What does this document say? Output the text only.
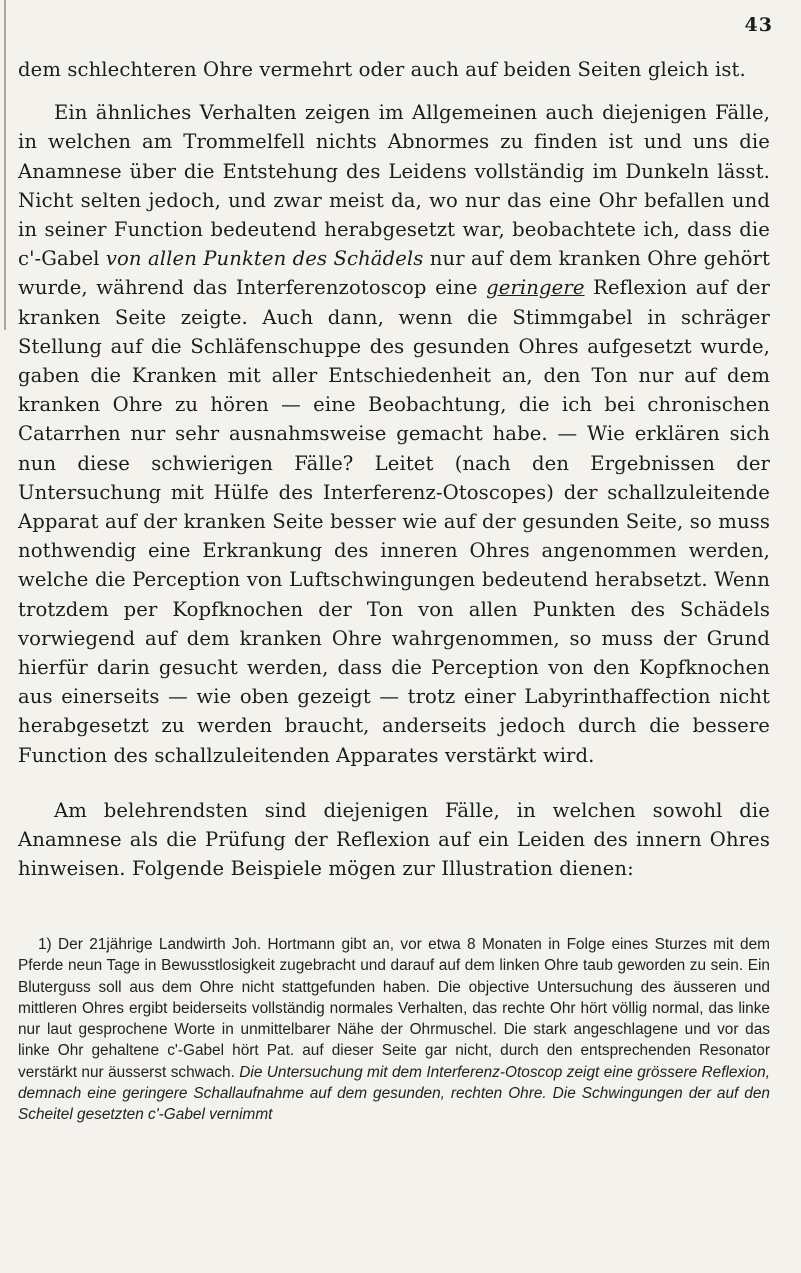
43

dem schlechteren Ohre vermehrt oder auch auf beiden Seiten gleich ist.

Ein ähnliches Verhalten zeigen im Allgemeinen auch diejenigen Fälle, in welchen am Trommelfell nichts Abnormes zu finden ist und uns die Anamnese über die Entstehung des Leidens vollständig im Dunkeln lässt. Nicht selten jedoch, und zwar meist da, wo nur das eine Ohr befallen und in seiner Function bedeutend herabgesetzt war, beobachtete ich, dass die c'-Gabel von allen Punkten des Schädels nur auf dem kranken Ohre gehört wurde, während das Interferenzotoscop eine geringere Reflexion auf der kranken Seite zeigte. Auch dann, wenn die Stimmgabel in schräger Stellung auf die Schläfenschuppe des gesunden Ohres aufgesetzt wurde, gaben die Kranken mit aller Entschiedenheit an, den Ton nur auf dem kranken Ohre zu hören — eine Beobachtung, die ich bei chronischen Catarrhen nur sehr ausnahmsweise gemacht habe. — Wie erklären sich nun diese schwierigen Fälle? Leitet (nach den Ergebnissen der Untersuchung mit Hülfe des Interferenz-Otoscopes) der schallzuleitende Apparat auf der kranken Seite besser wie auf der gesunden Seite, so muss nothwendig eine Erkrankung des inneren Ohres angenommen werden, welche die Perception von Luftschwingungen bedeutend herabsetzt. Wenn trotzdem per Kopfknochen der Ton von allen Punkten des Schädels vorwiegend auf dem kranken Ohre wahrgenommen, so muss der Grund hierfür darin gesucht werden, dass die Perception von den Kopfknochen aus einerseits — wie oben gezeigt — trotz einer Labyrinthaffection nicht herabgesetzt zu werden braucht, anderseits jedoch durch die bessere Function des schallzuleitenden Apparates verstärkt wird.

Am belehrendsten sind diejenigen Fälle, in welchen sowohl die Anamnese als die Prüfung der Reflexion auf ein Leiden des innern Ohres hinweisen. Folgende Beispiele mögen zur Illustration dienen:

1) Der 21jährige Landwirth Joh. Hortmann gibt an, vor etwa 8 Monaten in Folge eines Sturzes mit dem Pferde neun Tage in Bewusstlosigkeit zugebracht und darauf auf dem linken Ohre taub geworden zu sein. Ein Bluterguss soll aus dem Ohre nicht stattgefunden haben. Die objective Untersuchung des äusseren und mittleren Ohres ergibt beiderseits vollständig normales Verhalten, das rechte Ohr hört völlig normal, das linke nur laut gesprochene Worte in unmittelbarer Nähe der Ohrmuschel. Die stark angeschlagene und vor das linke Ohr gehaltene c'-Gabel hört Pat. auf dieser Seite gar nicht, durch den entsprechenden Resonator verstärkt nur äusserst schwach. Die Untersuchung mit dem Interferenz-Otoscop zeigt eine grössere Reflexion, demnach eine geringere Schallaufnahme auf dem gesunden, rechten Ohre. Die Schwingungen der auf den Scheitel gesetzten c'-Gabel vernimmt
